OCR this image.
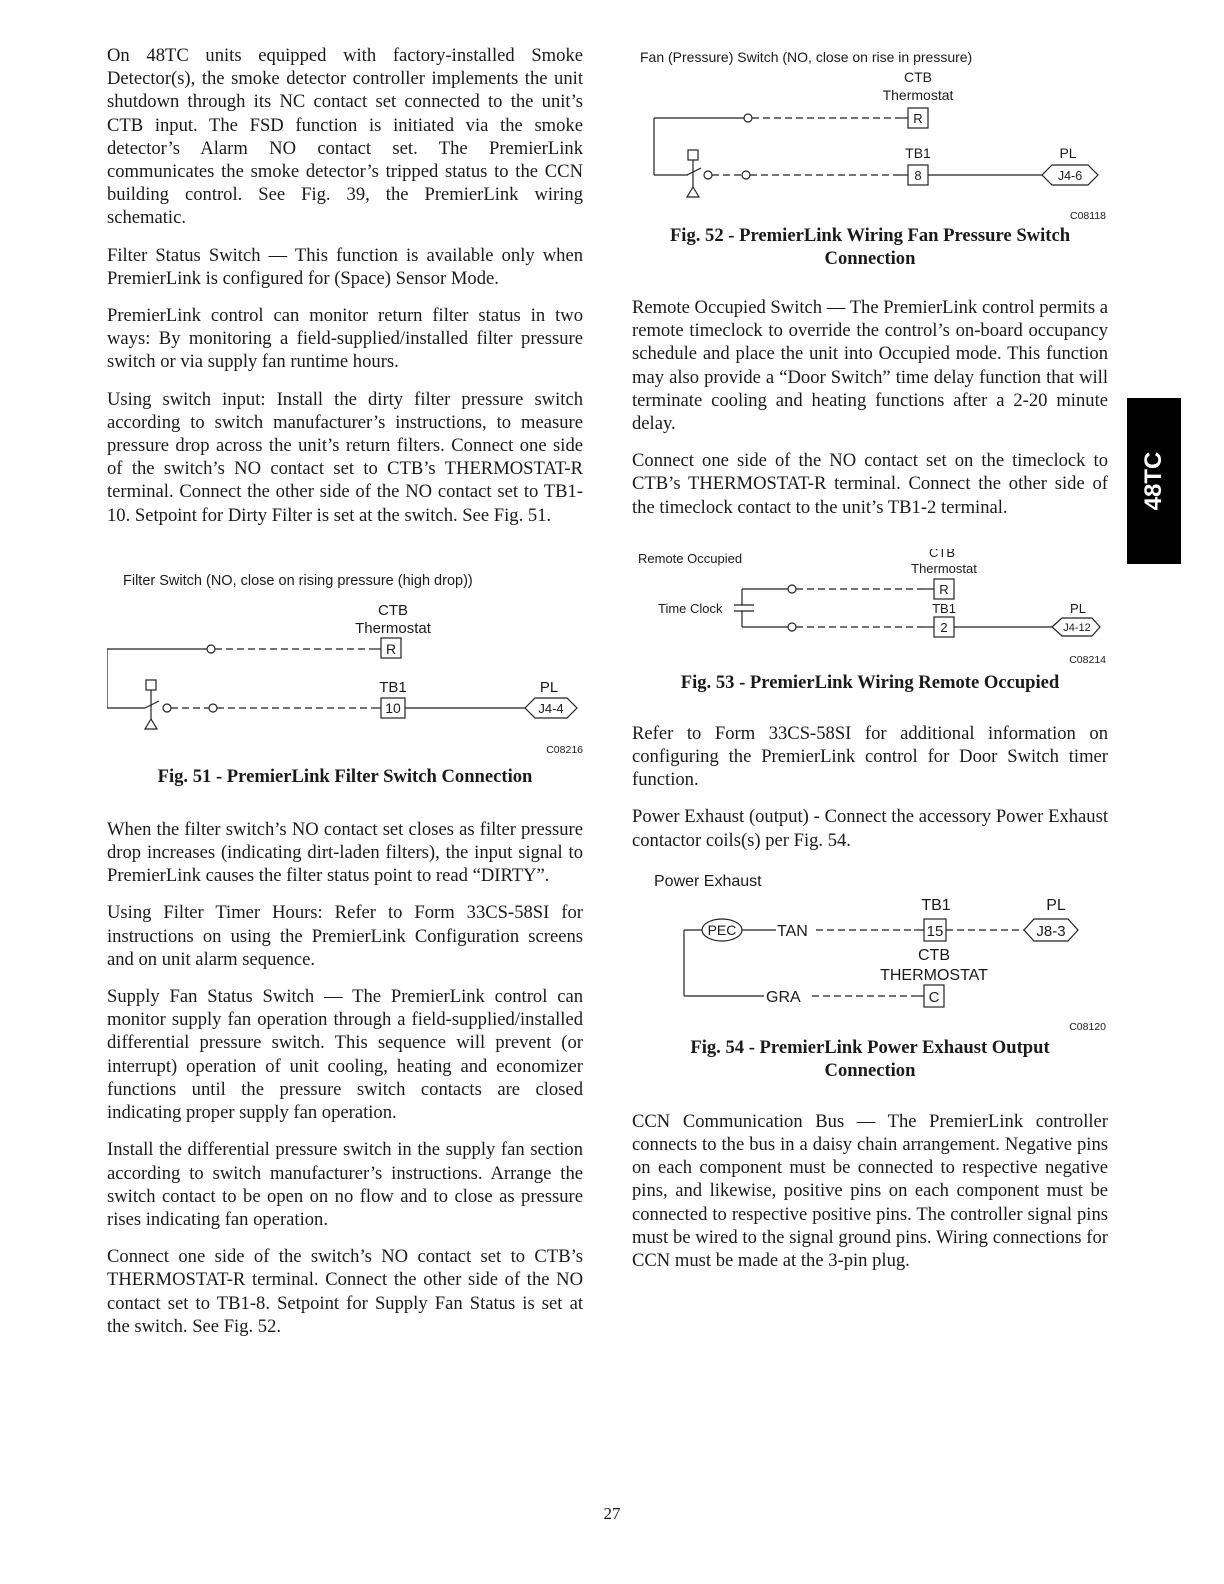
On 48TC units equipped with factory-installed Smoke Detector(s), the smoke detector controller implements the unit shutdown through its NC contact set connected to the unit’s CTB input. The FSD function is initiated via the smoke detector’s Alarm NO contact set. The PremierLink communicates the smoke detector’s tripped status to the CCN building control. See Fig. 39, the PremierLink wiring schematic.

Filter Status Switch — This function is available only when PremierLink is configured for (Space) Sensor Mode.

PremierLink control can monitor return filter status in two ways: By monitoring a field-supplied/installed filter pressure switch or via supply fan runtime hours.

Using switch input: Install the dirty filter pressure switch according to switch manufacturer’s instructions, to measure pressure drop across the unit’s return filters. Connect one side of the switch’s NO contact set to CTB’s THERMOSTAT-R terminal. Connect the other side of the NO contact set to TB1-10. Setpoint for Dirty Filter is set at the switch. See Fig. 51.

Filter Switch (NO, close on rising pressure (high drop))
CTB
Thermostat
R
TB1
10
PL
J4-4
C08216

Fig. 51 - PremierLink Filter Switch Connection

When the filter switch’s NO contact set closes as filter pressure drop increases (indicating dirt-laden filters), the input signal to PremierLink causes the filter status point to read “DIRTY”.

Using Filter Timer Hours: Refer to Form 33CS-58SI for instructions on using the PremierLink Configuration screens and on unit alarm sequence.

Supply Fan Status Switch — The PremierLink control can monitor supply fan operation through a field-supplied/installed differential pressure switch. This sequence will prevent (or interrupt) operation of unit cooling, heating and economizer functions until the pressure switch contacts are closed indicating proper supply fan operation.

Install the differential pressure switch in the supply fan section according to switch manufacturer’s instructions. Arrange the switch contact to be open on no flow and to close as pressure rises indicating fan operation.

Connect one side of the switch’s NO contact set to CTB’s THERMOSTAT-R terminal. Connect the other side of the NO contact set to TB1-8. Setpoint for Supply Fan Status is set at the switch. See Fig. 52.

Fan (Pressure) Switch (NO, close on rise in pressure)
CTB
Thermostat
R
TB1
8
PL
J4-6
C08118

Fig. 52 - PremierLink Wiring Fan Pressure Switch

Connection

Remote Occupied Switch — The PremierLink control permits a remote timeclock to override the control’s on-board occupancy schedule and place the unit into Occupied mode. This function may also provide a “Door Switch” time delay function that will terminate cooling and heating functions after a 2-20 minute delay.

Connect one side of the NO contact set on the timeclock to CTB’s THERMOSTAT-R terminal. Connect the other side of the timeclock contact to the unit’s TB1-2 terminal.

Remote Occupied	CTB
Thermostat
Time Clock
R
TB1
2
PL
J4-12
C08214

Fig. 53 - PremierLink Wiring Remote Occupied

Refer to Form 33CS-58SI for additional information on configuring the PremierLink control for Door Switch timer function.

Power Exhaust (output) - Connect the accessory Power Exhaust contactor coils(s) per Fig. 54.

Power Exhaust
TB1	PL
PEC	TAN	15	J8-3
CTB
THERMOSTAT
GRA	C
C08120

Fig. 54 - PremierLink Power Exhaust Output

Connection

CCN Communication Bus — The PremierLink controller connects to the bus in a daisy chain arrangement. Negative pins on each component must be connected to respective negative pins, and likewise, positive pins on each component must be connected to respective positive pins. The controller signal pins must be wired to the signal ground pins. Wiring connections for CCN must be made at the 3-pin plug.

48TC
27
